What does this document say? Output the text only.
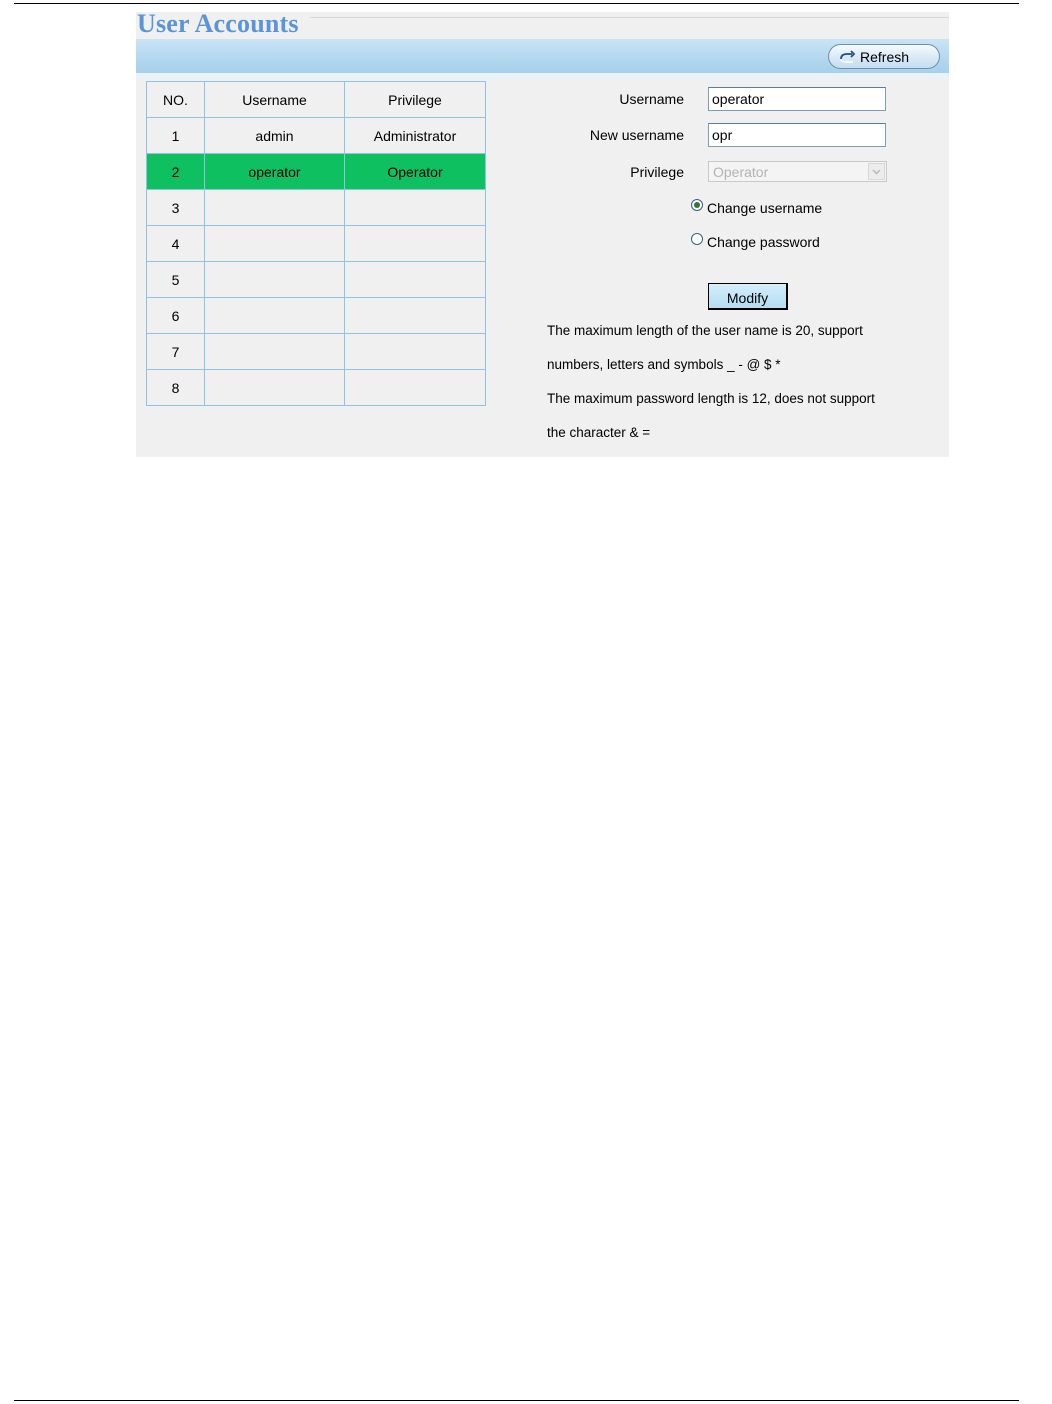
User Accounts
Refresh
NO.	Username	Privilege
1	admin	Administrator
2	operator	Operator
3		
4		
5		
6		
7		
8		
Username
operator
New username
opr
Privilege Operator
Change username
Change password
Modify
The maximum length of the user name is 20, support
numbers, letters and symbols _ - @ $ *
The maximum password length is 12, does not support
the character & =
